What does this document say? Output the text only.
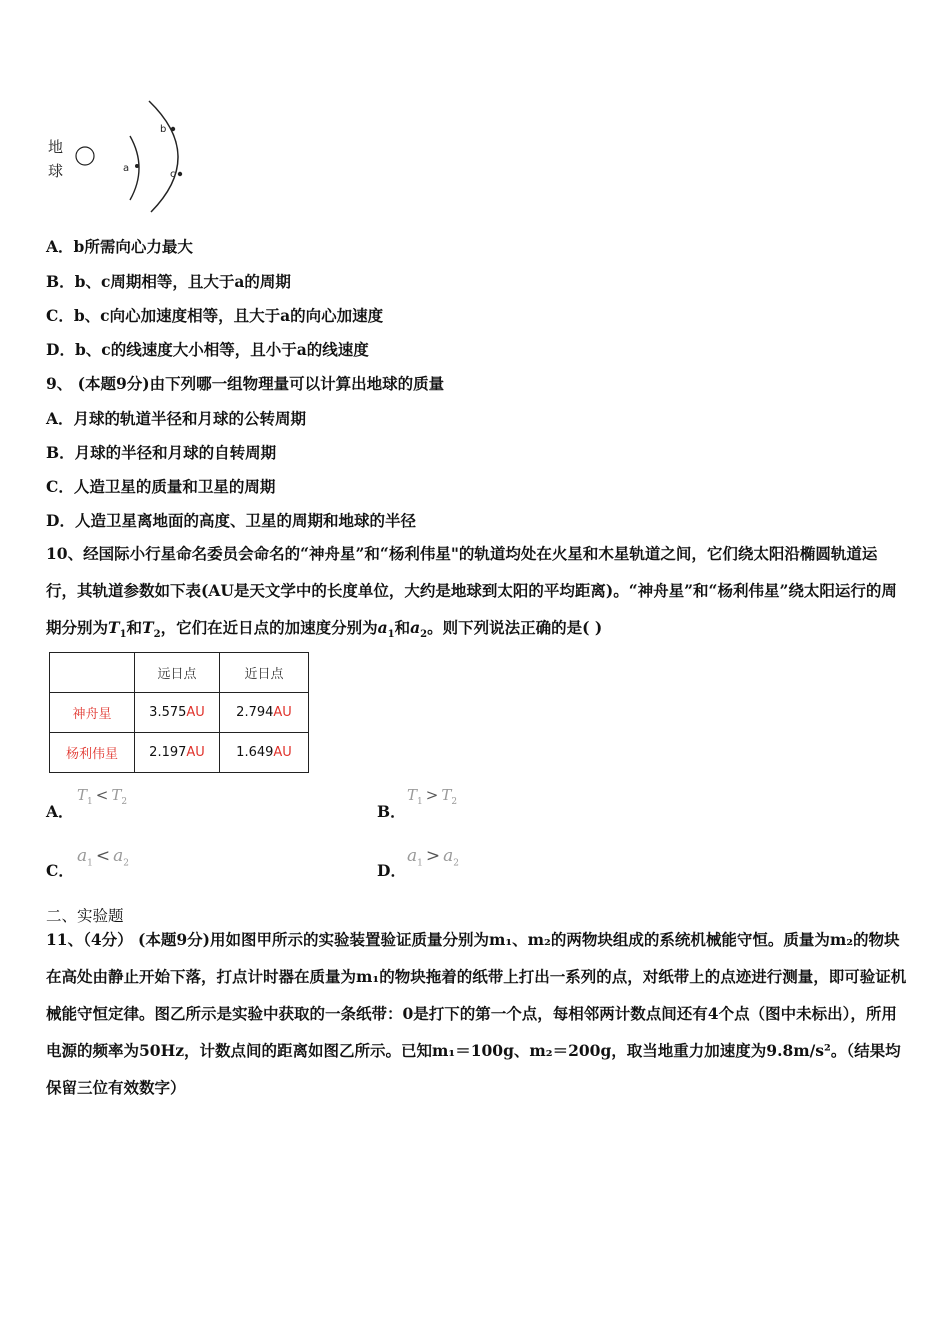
地
球	a
b
c
A．b所需向心力最大
B．b、c周期相等，且大于a的周期
C．b、c向心加速度相等，且大于a的向心加速度
D．b、c的线速度大小相等，且小于a的线速度
9、 (本题9分)由下列哪一组物理量可以计算出地球的质量
A．月球的轨道半径和月球的公转周期
B．月球的半径和月球的自转周期
C．人造卫星的质量和卫星的周期
D．人造卫星离地面的高度、卫星的周期和地球的半径
10、经国际小行星命名委员会命名的“神舟星”和“杨利伟星"的轨道均处在火星和木星轨道之间，它们绕太阳沿椭圆轨道运行，其轨道参数如下表(AU是天文学中的长度单位，大约是地球到太阳的平均距离)。“神舟星”和“杨利伟星”绕太阳运行的周期分别为$T_1$和$T_2$，它们在近日点的加速度分别为$a_1$和$a_2$。则下列说法正确的是( )
	远日点	近日点
神舟星	3.575AU	2.794AU
杨利伟星	2.197AU	1.649AU
A．
$T_1 < T_2$	B．
$T_1 > T_2$
C．
$a_1 < a_2$	D．
$a_1 > a_2$
二、实验题
11、（4分） (本题9分)用如图甲所示的实验装置验证质量分别为m₁、m₂的两物块组成的系统机械能守恒。质量为m₂的物块在高处由静止开始下落，打点计时器在质量为m₁的物块拖着的纸带上打出一系列的点，对纸带上的点迹进行测量，即可验证机械能守恒定律。图乙所示是实验中获取的一条纸带：0是打下的第一个点，每相邻两计数点间还有4个点（图中未标出），所用电源的频率为50Hz，计数点间的距离如图乙所示。已知m₁＝100g、m₂＝200g，取当地重力加速度为9.8m/s²。（结果均保留三位有效数字）
